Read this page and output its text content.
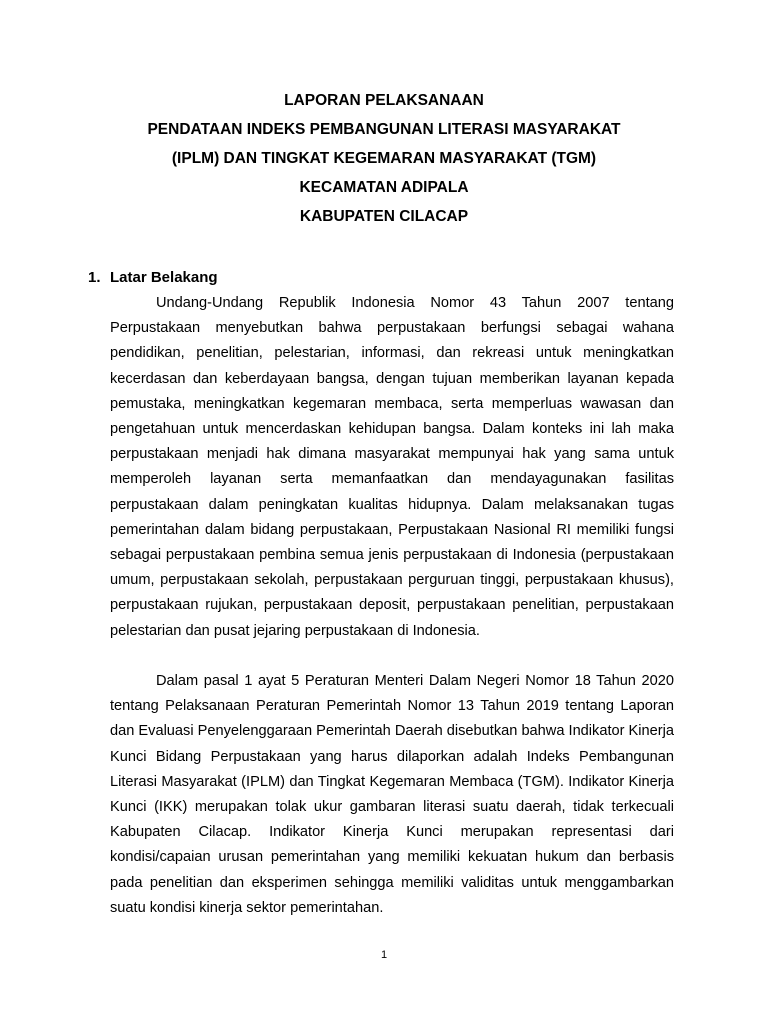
LAPORAN PELAKSANAAN
PENDATAAN INDEKS PEMBANGUNAN LITERASI MASYARAKAT
(IPLM) DAN TINGKAT KEGEMARAN MASYARAKAT (TGM)
KECAMATAN ADIPALA
KABUPATEN CILACAP
1. Latar Belakang

Undang-Undang Republik Indonesia Nomor 43 Tahun 2007 tentang Perpustakaan menyebutkan bahwa perpustakaan berfungsi sebagai wahana pendidikan, penelitian, pelestarian, informasi, dan rekreasi untuk meningkatkan kecerdasan dan keberdayaan bangsa, dengan tujuan memberikan layanan kepada pemustaka, meningkatkan kegemaran membaca, serta memperluas wawasan dan pengetahuan untuk mencerdaskan kehidupan bangsa. Dalam konteks ini lah maka perpustakaan menjadi hak dimana masyarakat mempunyai hak yang sama untuk memperoleh layanan serta memanfaatkan dan mendayagunakan fasilitas perpustakaan dalam peningkatan kualitas hidupnya. Dalam melaksanakan tugas pemerintahan dalam bidang perpustakaan, Perpustakaan Nasional RI memiliki fungsi sebagai perpustakaan pembina semua jenis perpustakaan di Indonesia (perpustakaan umum, perpustakaan sekolah, perpustakaan perguruan tinggi, perpustakaan khusus), perpustakaan rujukan, perpustakaan deposit, perpustakaan penelitian, perpustakaan pelestarian dan pusat jejaring perpustakaan di Indonesia.

Dalam pasal 1 ayat 5 Peraturan Menteri Dalam Negeri Nomor 18 Tahun 2020 tentang Pelaksanaan Peraturan Pemerintah Nomor 13 Tahun 2019 tentang Laporan dan Evaluasi Penyelenggaraan Pemerintah Daerah disebutkan bahwa Indikator Kinerja Kunci Bidang Perpustakaan yang harus dilaporkan adalah Indeks Pembangunan Literasi Masyarakat (IPLM) dan Tingkat Kegemaran Membaca (TGM). Indikator Kinerja Kunci (IKK) merupakan tolak ukur gambaran literasi suatu daerah, tidak terkecuali Kabupaten Cilacap. Indikator Kinerja Kunci merupakan representasi dari kondisi/capaian urusan pemerintahan yang memiliki kekuatan hukum dan berbasis pada penelitian dan eksperimen sehingga memiliki validitas untuk menggambarkan suatu kondisi kinerja sektor pemerintahan.

1
